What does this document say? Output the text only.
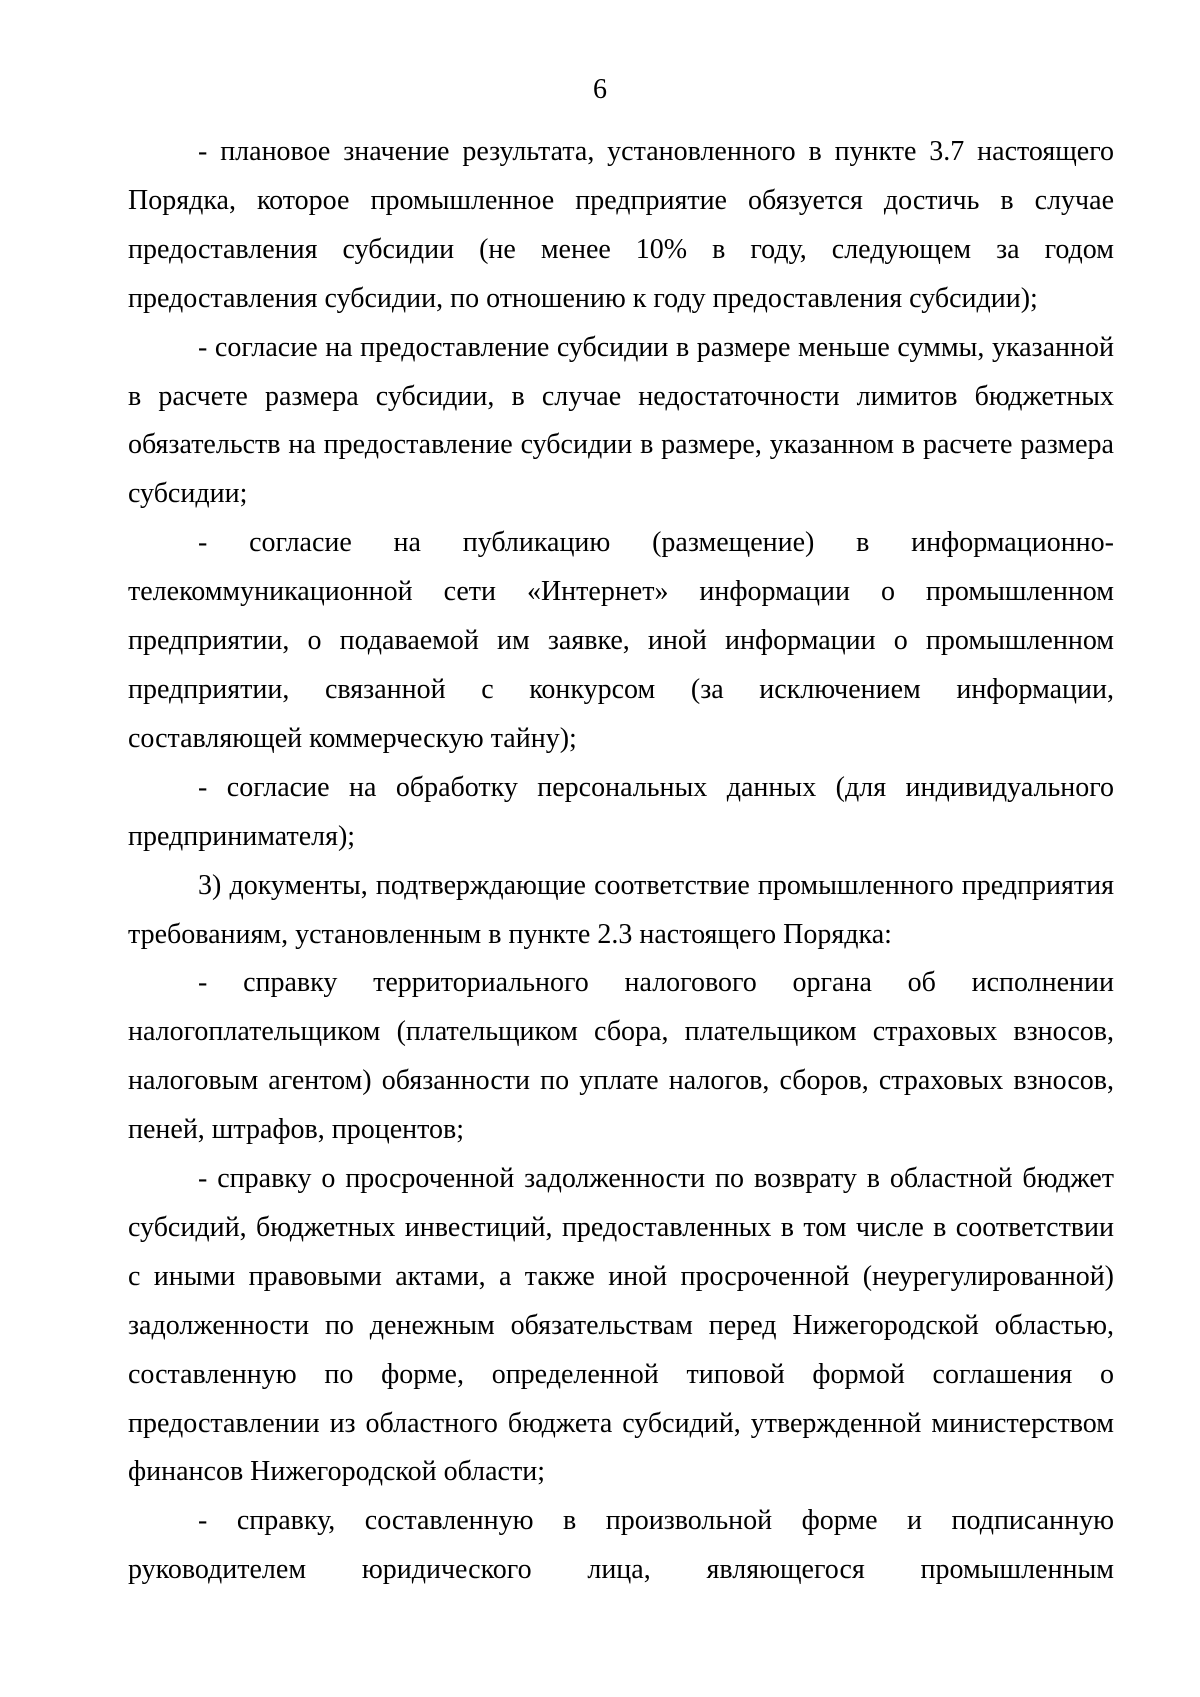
6

- плановое значение результата, установленного в пункте 3.7 настоящего Порядка, которое промышленное предприятие обязуется достичь в случае предоставления субсидии (не менее 10% в году, следующем за годом предоставления субсидии, по отношению к году предоставления субсидии);

- согласие на предоставление субсидии в размере меньше суммы, указанной в расчете размера субсидии, в случае недостаточности лимитов бюджетных обязательств на предоставление субсидии в размере, указанном в расчете размера субсидии;

- согласие на публикацию (размещение) в информационно-телекоммуникационной сети «Интернет» информации о промышленном предприятии, о подаваемой им заявке, иной информации о промышленном предприятии, связанной с конкурсом (за исключением информации, составляющей коммерческую тайну);

- согласие на обработку персональных данных (для индивидуального предпринимателя);

3) документы, подтверждающие соответствие промышленного предприятия требованиям, установленным в пункте 2.3 настоящего Порядка:

- справку территориального налогового органа об исполнении налогоплательщиком (плательщиком сбора, плательщиком страховых взносов, налоговым агентом) обязанности по уплате налогов, сборов, страховых взносов, пеней, штрафов, процентов;

- справку о просроченной задолженности по возврату в областной бюджет субсидий, бюджетных инвестиций, предоставленных в том числе в соответствии с иными правовыми актами, а также иной просроченной (неурегулированной) задолженности по денежным обязательствам перед Нижегородской областью, составленную по форме, определенной типовой формой соглашения о предоставлении из областного бюджета субсидий, утвержденной министерством финансов Нижегородской области;

- справку, составленную в произвольной форме и подписанную руководителем юридического лица, являющегося промышленным
